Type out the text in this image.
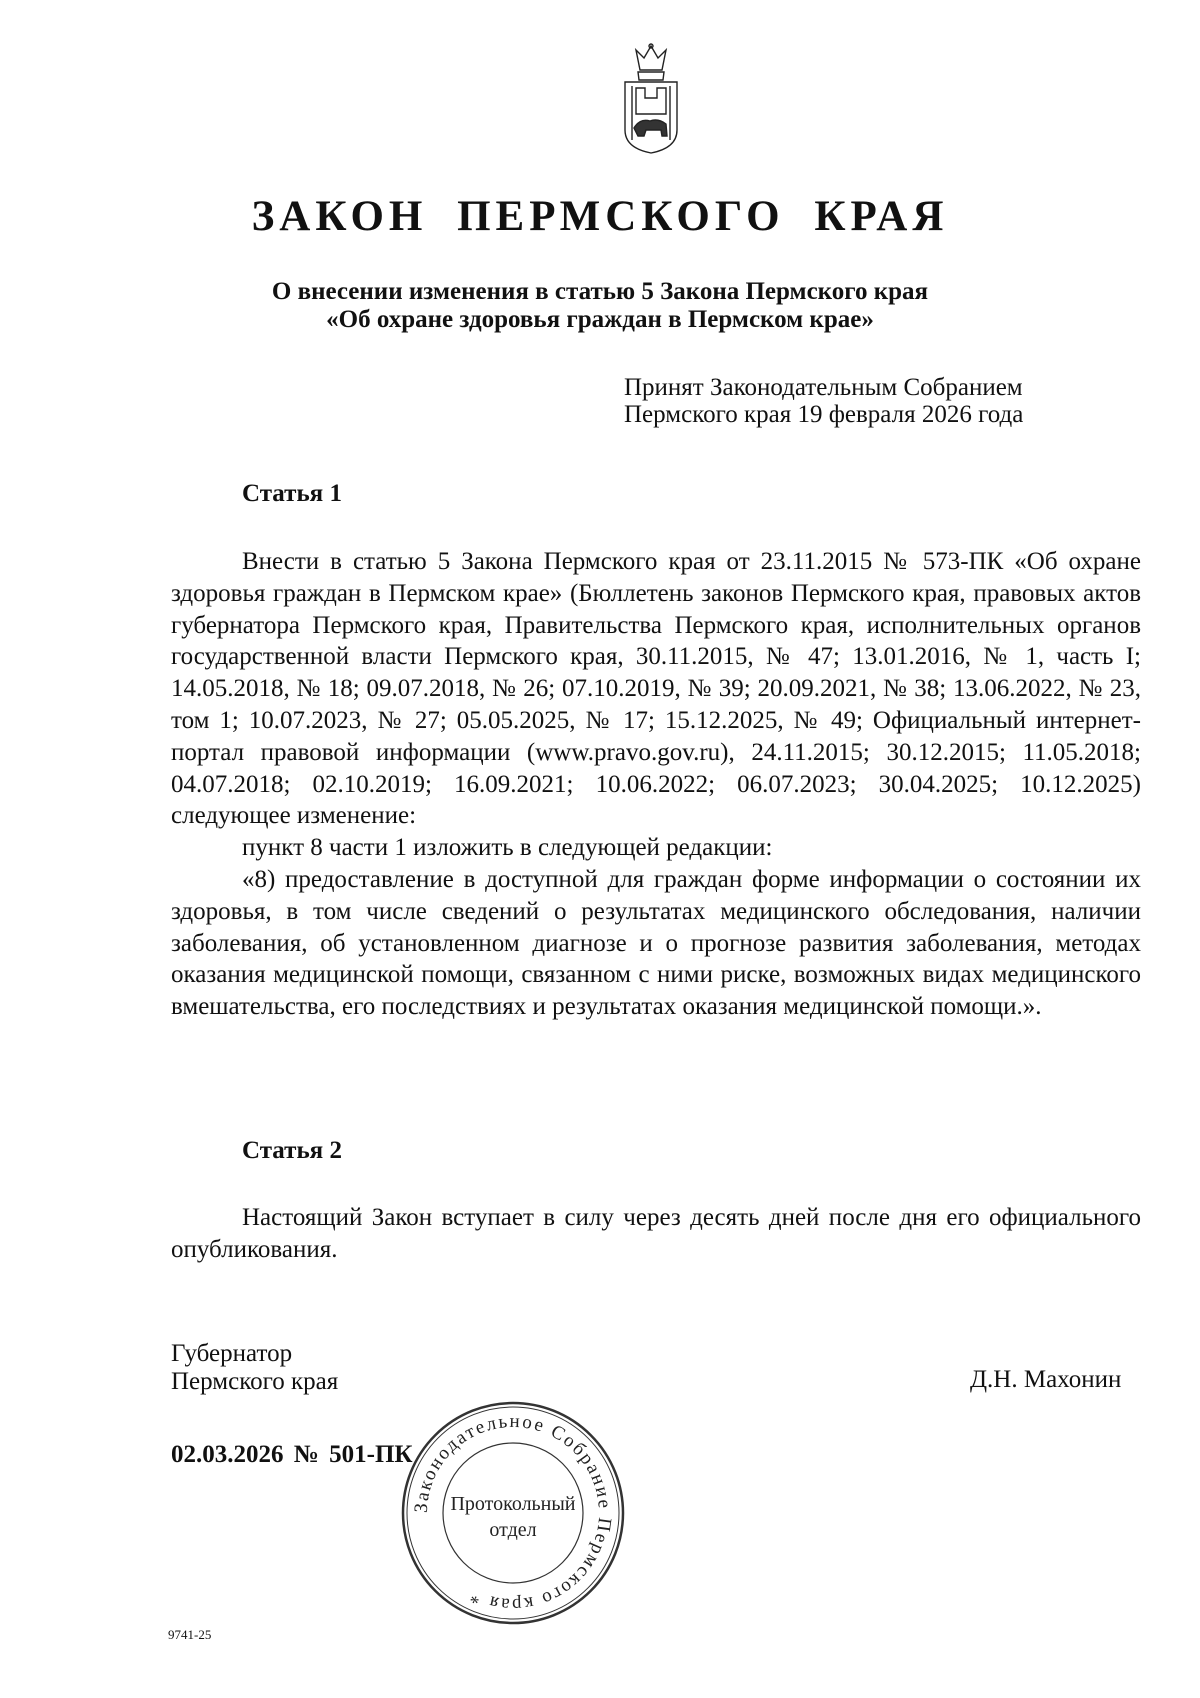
ЗАКОН ПЕРМСКОГО КРАЯ
О внесении изменения в статью 5 Закона Пермского края
«Об охране здоровья граждан в Пермском крае»
Принят Законодательным Собранием
Пермского края 19 февраля 2026 года
Статья 1

Внести в статью 5 Закона Пермского края от 23.11.2015 № 573-ПК «Об охране здоровья граждан в Пермском крае» (Бюллетень законов Пермского края, правовых актов губернатора Пермского края, Правительства Пермского края, исполнительных органов государственной власти Пермского края, 30.11.2015, № 47; 13.01.2016, № 1, часть I; 14.05.2018, № 18; 09.07.2018, № 26; 07.10.2019, № 39; 20.09.2021, № 38; 13.06.2022, № 23, том 1; 10.07.2023, № 27; 05.05.2025, № 17; 15.12.2025, № 49; Официальный интернет-портал правовой информации (www.pravo.gov.ru), 24.11.2015; 30.12.2015; 11.05.2018; 04.07.2018; 02.10.2019; 16.09.2021; 10.06.2022; 06.07.2023; 30.04.2025; 10.12.2025) следующее изменение:

пункт 8 части 1 изложить в следующей редакции:

«8) предоставление в доступной для граждан форме информации о состоянии их здоровья, в том числе сведений о результатах медицинского обследования, наличии заболевания, об установленном диагнозе и о прогнозе развития заболевания, методах оказания медицинской помощи, связанном с ними риске, возможных видах медицинского вмешательства, его последствиях и результатах оказания медицинской помощи.».

Статья 2

Настоящий Закон вступает в силу через десять дней после дня его официального опубликования.

Губернатор
Пермского края	Д.Н. Махонин
02.03.2026 № 501-ПК
Законодательное Собрание Пермского края *
Протокольный
отдел
9741-25
